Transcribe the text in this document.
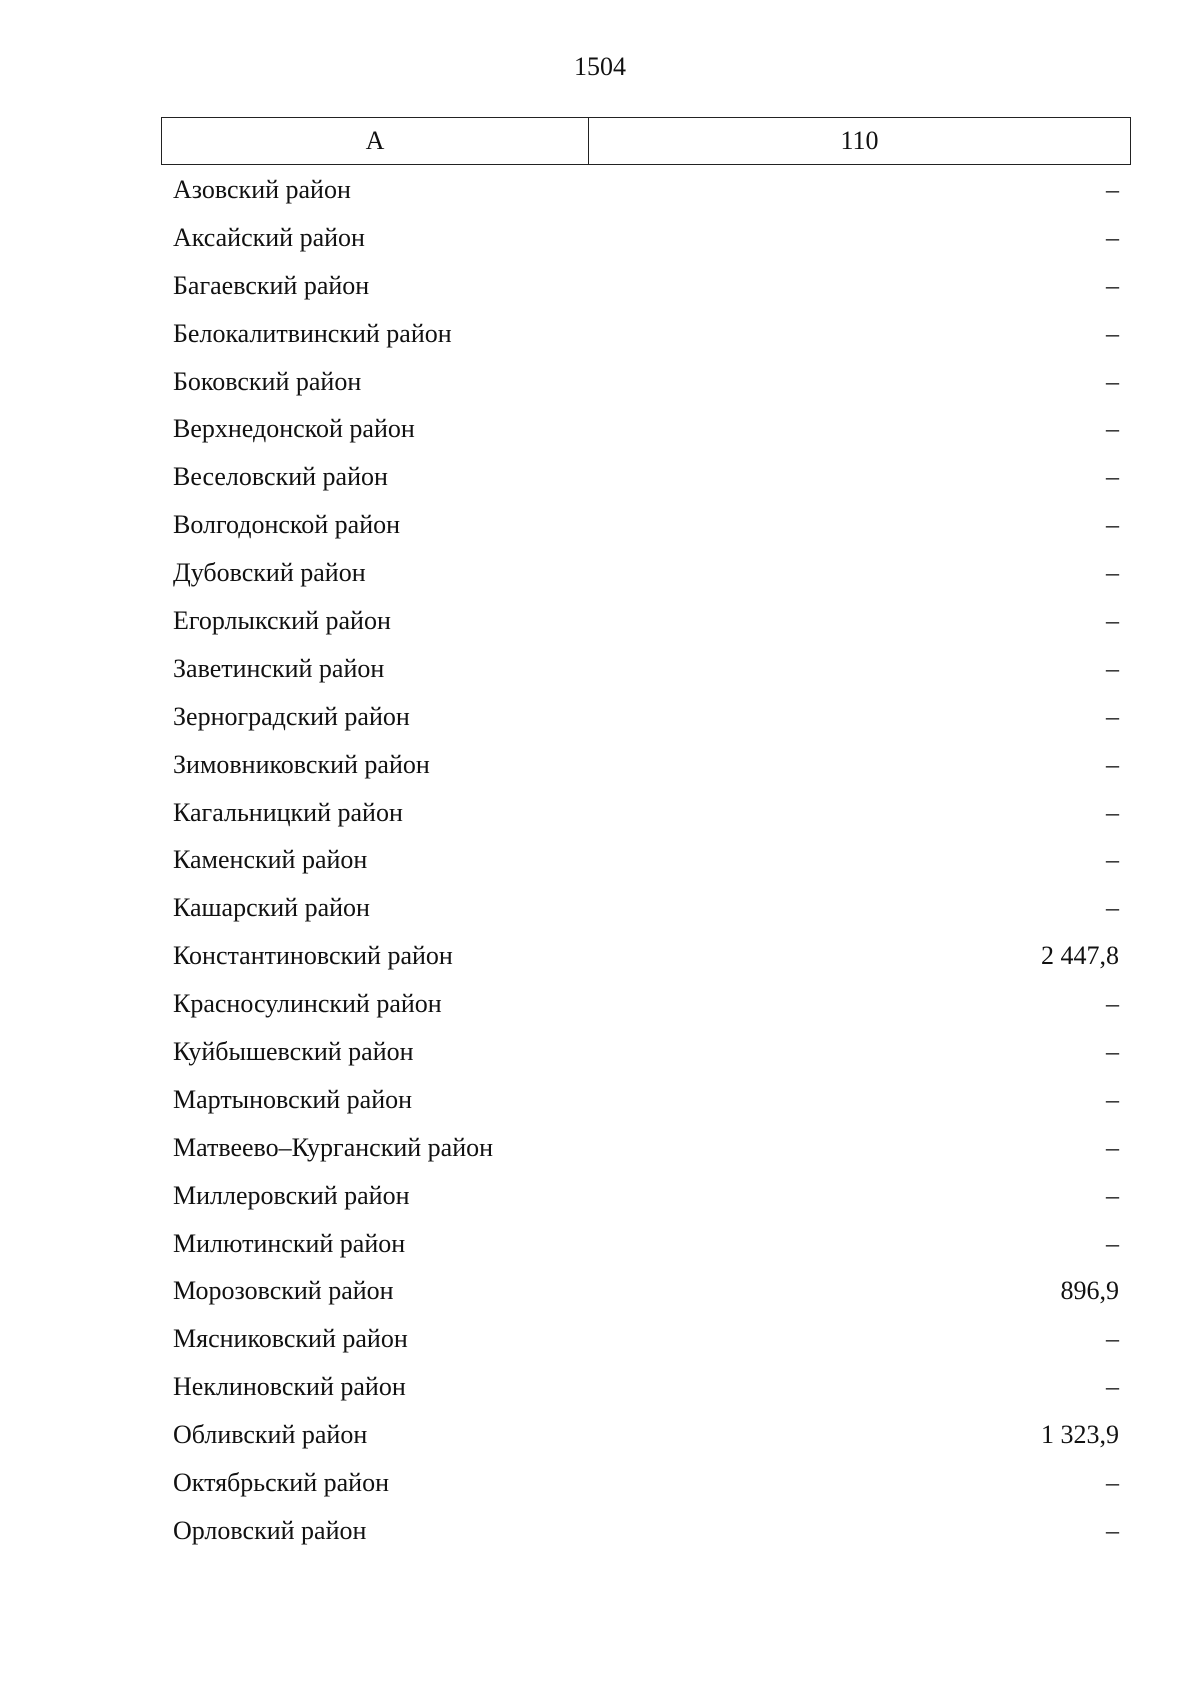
1504
А	110
Азовский район	–
Аксайский район	–
Багаевский район	–
Белокалитвинский район	–
Боковский район	–
Верхнедонской район	–
Веселовский район	–
Волгодонской район	–
Дубовский район	–
Егорлыкский район	–
Заветинский район	–
Зерноградский район	–
Зимовниковский район	–
Кагальницкий район	–
Каменский район	–
Кашарский район	–
Константиновский район	2 447,8
Красносулинский район	–
Куйбышевский район	–
Мартыновский район	–
Матвеево–Курганский район	–
Миллеровский район	–
Милютинский район	–
Морозовский район	896,9
Мясниковский район	–
Неклиновский район	–
Обливский район	1 323,9
Октябрьский район	–
Орловский район	–
